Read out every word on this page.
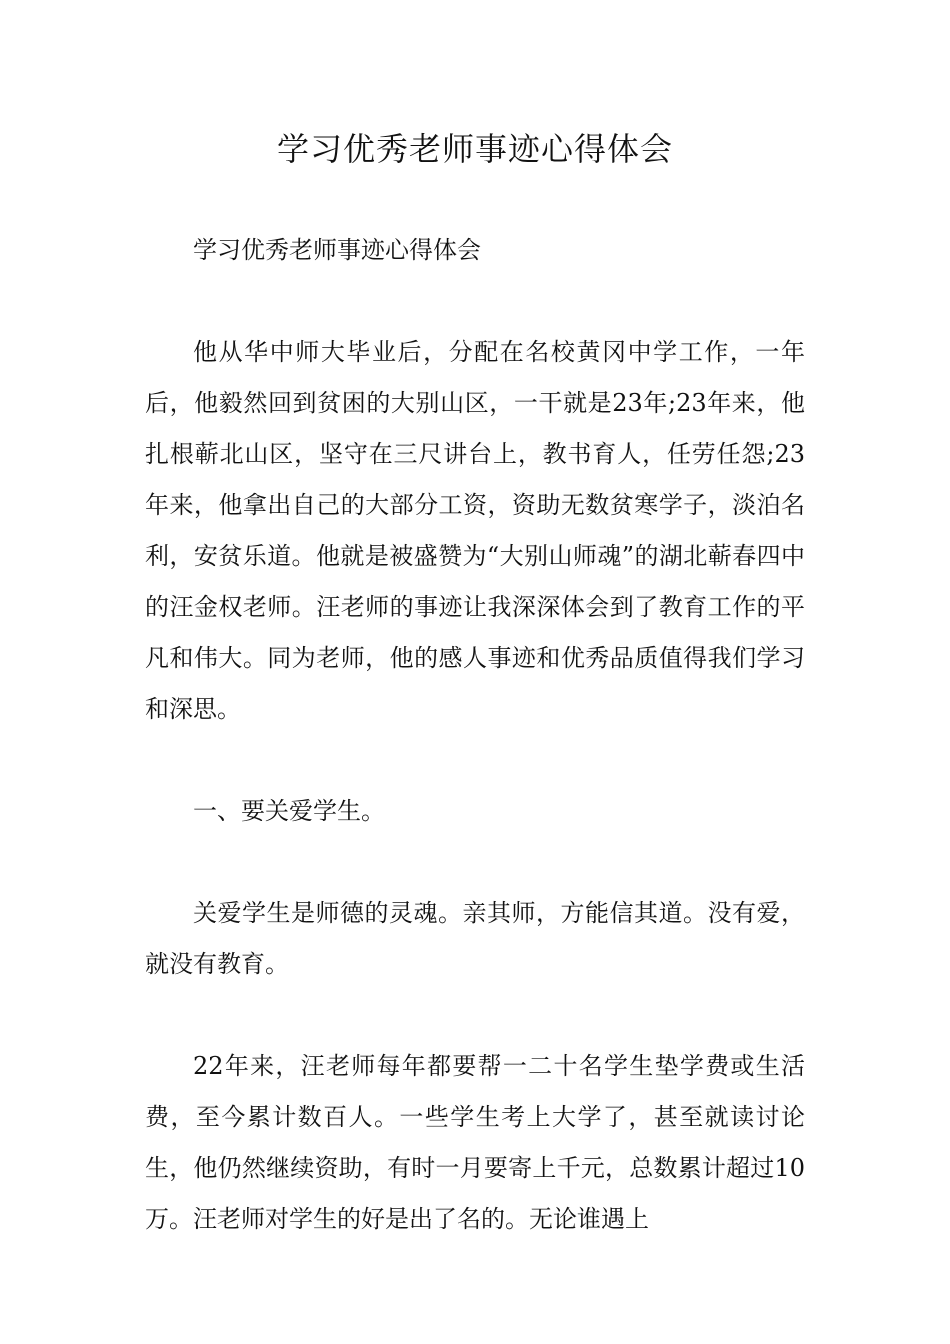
学习优秀老师事迹心得体会

学习优秀老师事迹心得体会

他从华中师大毕业后，分配在名校黄冈中学工作，一年后，他毅然回到贫困的大别山区，一干就是23年;23年来，他扎根蕲北山区，坚守在三尺讲台上，教书育人，任劳任怨;23年来，他拿出自己的大部分工资，资助无数贫寒学子，淡泊名利，安贫乐道。他就是被盛赞为“大别山师魂”的湖北蕲春四中的汪金权老师。汪老师的事迹让我深深体会到了教育工作的平凡和伟大。同为老师，他的感人事迹和优秀品质值得我们学习和深思。

一、要关爱学生。

关爱学生是师德的灵魂。亲其师，方能信其道。没有爱，就没有教育。

22年来，汪老师每年都要帮一二十名学生垫学费或生活费，至今累计数百人。一些学生考上大学了，甚至就读讨论生，他仍然继续资助，有时一月要寄上千元，总数累计超过10万。汪老师对学生的好是出了名的。无论谁遇上
